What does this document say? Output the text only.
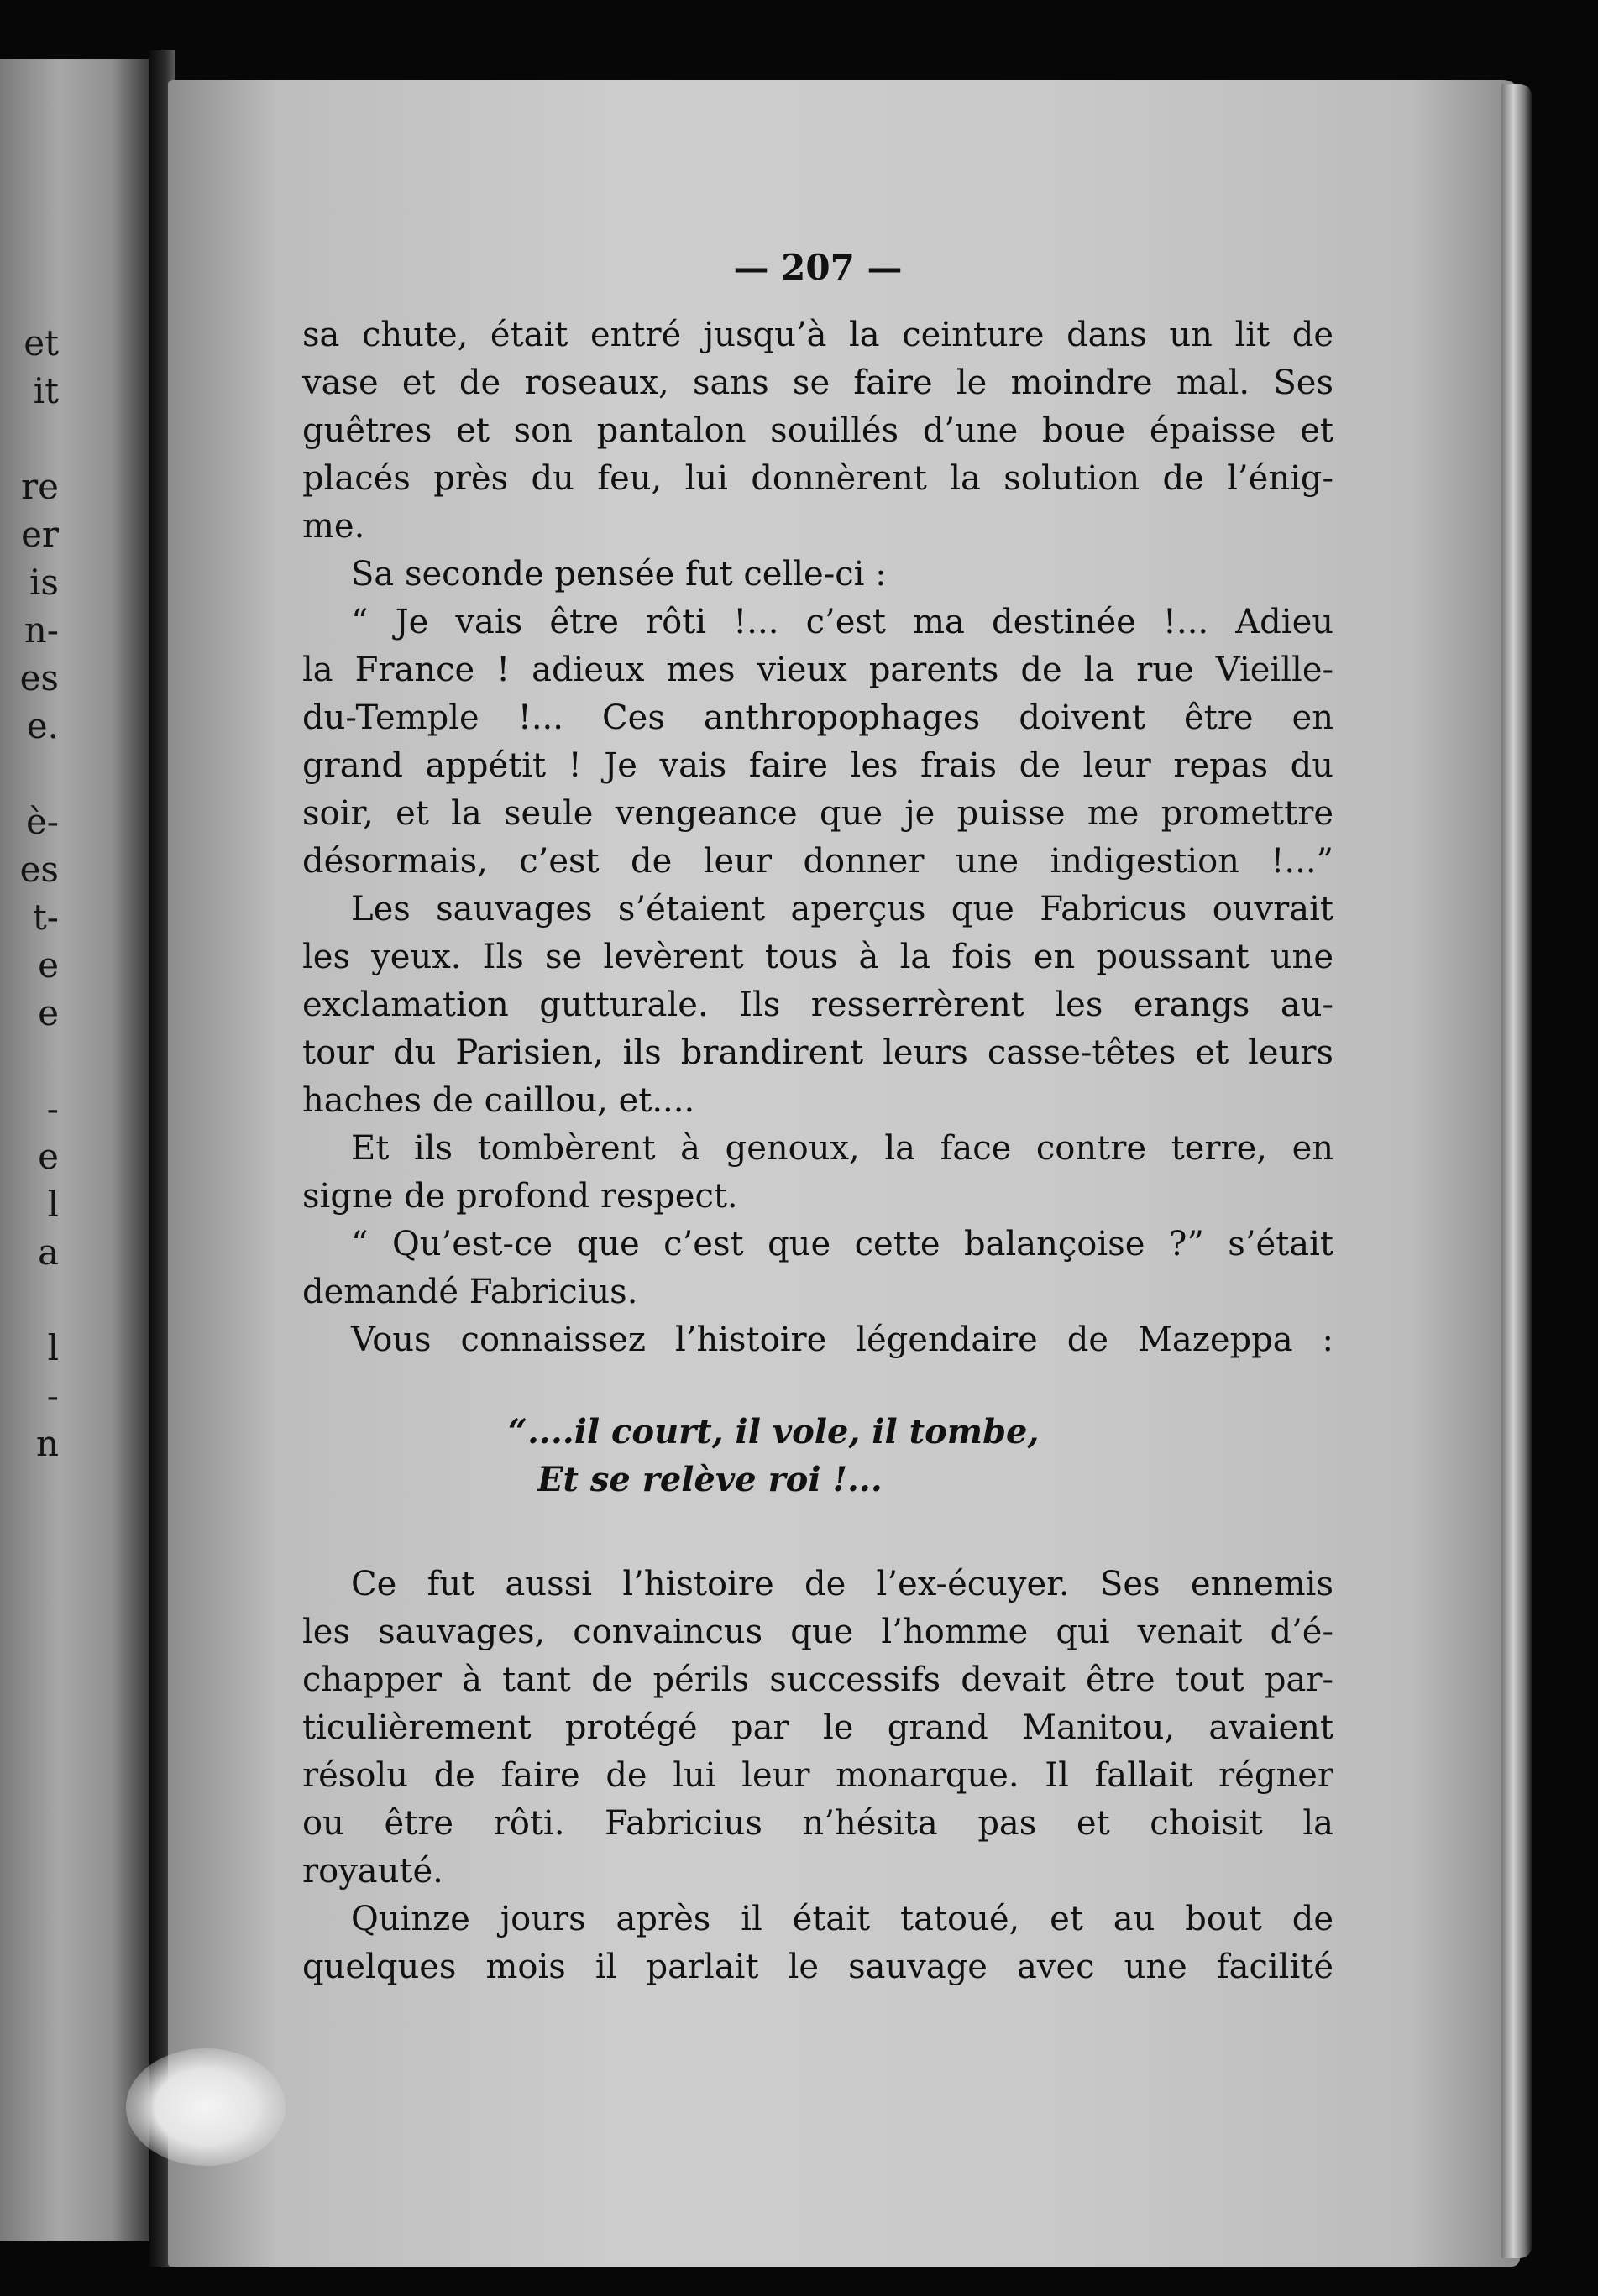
et
it
re
er
is
n-
es
e.
è-
es
t-
e
e
-
e
l
a
l
-
n
— 207 —
sa chute, était entré jusqu’à la ceinture dans un lit de
vase et de roseaux, sans se faire le moindre mal. Ses
guêtres et son pantalon souillés d’une boue épaisse et
placés près du feu, lui donnèrent la solution de l’énig-
me.
Sa seconde pensée fut celle-ci :
“ Je vais être rôti !... c’est ma destinée !... Adieu
la France ! adieux mes vieux parents de la rue Vieille-
du-Temple !... Ces anthropophages doivent être en
grand appétit ! Je vais faire les frais de leur repas du
soir, et la seule vengeance que je puisse me promettre
désormais, c’est de leur donner une indigestion !...”
Les sauvages s’étaient aperçus que Fabricus ouvrait
les yeux. Ils se levèrent tous à la fois en poussant une
exclamation gutturale. Ils resserrèrent les erangs au-
tour du Parisien, ils brandirent leurs casse-têtes et leurs
haches de caillou, et....
Et ils tombèrent à genoux, la face contre terre, en
signe de profond respect.
“ Qu’est-ce que c’est que cette balançoise ?” s’était
demandé Fabricius.
Vous connaissez l’histoire légendaire de Mazeppa :
“....il court, il vole, il tombe,
Et se relève roi !...
Ce fut aussi l’histoire de l’ex-écuyer. Ses ennemis
les sauvages, convaincus que l’homme qui venait d’é-
chapper à tant de périls successifs devait être tout par-
ticulièrement protégé par le grand Manitou, avaient
résolu de faire de lui leur monarque. Il fallait régner
ou être rôti. Fabricius n’hésita pas et choisit la
royauté.
Quinze jours après il était tatoué, et au bout de
quelques mois il parlait le sauvage avec une facilité
